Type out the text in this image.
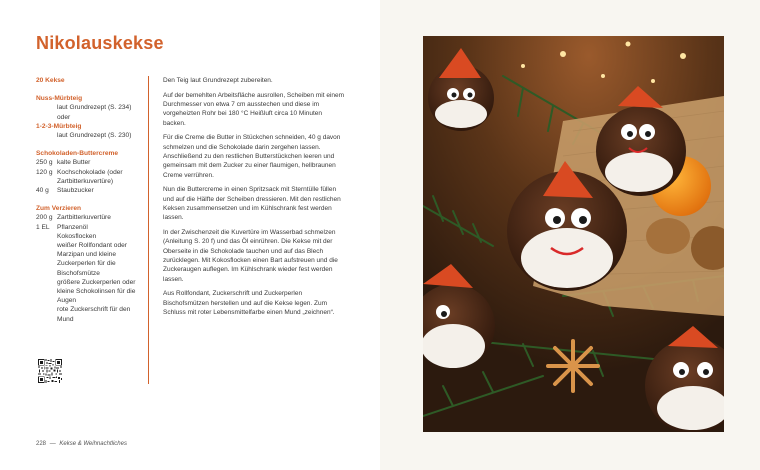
Nikolauskekse
20 Kekse
Nuss-Mürbteig
laut Grundrezept (S. 234)
oder
1-2-3-Mürbteig
laut Grundrezept (S. 230)
Schokoladen-Buttercreme
250 g kalte Butter
120 g Kochschokolade (oder Zartbitterkuvertüre)
40 g	Staubzucker
Zum Verzieren
200 g Zartbitterkuvertüre
1 EL	Pflanzenöl
Kokosflocken
weißer Rollfondant oder Marzipan und kleine Zuckerperlen für die Bischofsmütze
größere Zuckerperlen oder kleine Schokolinsen für die Augen
rote Zuckerschrift für den Mund

Den Teig laut Grundrezept zubereiten.

Auf der bemehlten Arbeitsfläche ausrollen, Scheiben mit einem Durchmesser von etwa 7 cm ausstechen und diese im vorgeheizten Rohr bei 180 °C Heißluft circa 10 Minuten backen.

Für die Creme die Butter in Stückchen schneiden, 40 g davon schmelzen und die Schokolade darin zergehen lassen. Anschließend zu den restlichen Butterstückchen leeren und gemeinsam mit dem Zucker zu einer flaumigen, hellbraunen Creme verrühren.

Nun die Buttercreme in einen Spritzsack mit Sterntülle füllen und auf die Hälfte der Scheiben dressieren. Mit den restlichen Keksen zusammensetzen und im Kühlschrank fest werden lassen.

In der Zwischenzeit die Kuvertüre im Wasserbad schmelzen (Anleitung S. 20 f) und das Öl einrühren. Die Kekse mit der Oberseite in die Schokolade tauchen und auf das Blech zurücklegen. Mit Kokosflocken einen Bart aufstreuen und die Zuckeraugen auflegen. Im Kühlschrank wieder fest werden lassen.

Aus Rollfondant, Zuckerschrift und Zuckerperlen Bischofsmützen herstellen und auf die Kekse legen. Zum Schluss mit roter Lebensmittelfarbe einen Mund „zeichnen“.

228 — Kekse & Weihnachtliches
